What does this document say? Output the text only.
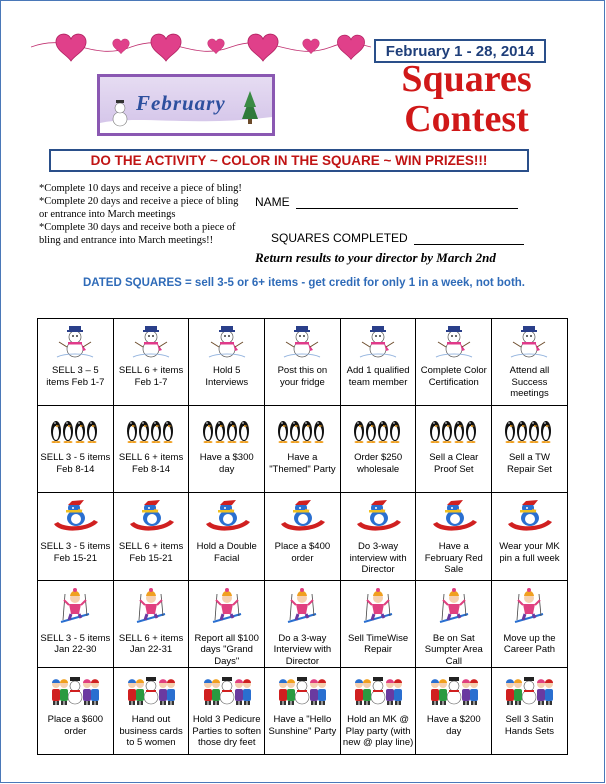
February 1 - 28, 2014
Squares
Contest
February
DO THE ACTIVITY ~ COLOR IN THE SQUARE ~ WIN PRIZES!!!

*Complete 10 days and receive a piece of bling!

*Complete 20 days and receive a piece of bling or entrance into March meetings

*Complete 30 days and receive both a piece of bling and entrance into March meetings!!

NAME
SQUARES COMPLETED
Return results to your director by March 2nd
DATED SQUARES = sell 3-5 or 6+ items - get credit for only 1 in a week, not both.
SELL 3 – 5 items Feb 1-7	SELL 6 + items Feb 1-7	Hold 5 Interviews	Post this on your fridge	Add 1 qualified team member	Complete Color Certification	Attend all Success meetings

SELL 3 - 5 items Feb 8-14	SELL 6 + items Feb 8-14	Have a $300 day	Have a "Themed" Party	Order $250 wholesale	Sell a Clear Proof Set	Sell a TW Repair Set

SELL 3 - 5 items Feb 15-21	SELL 6 + items Feb 15-21	Hold a Double Facial	Place a $400 order	Do 3-way interview with Director	Have a February Red Sale	Wear your MK pin a full week

SELL 3 - 5 items Jan 22-30	SELL 6 + items Jan 22-31	Report all $100 days "Grand Days"	Do a 3-way Interview with Director	Sell TimeWise Repair	Be on Sat Sumpter Area Call	Move up the Career Path

Place a $600 order	Hand out business cards to 5 women	Hold 3 Pedicure Parties to soften those dry feet	Have a "Hello Sunshine" Party	Hold an MK @ Play party (with new @ play line)	Have a $200 day	Sell 3 Satin Hands Sets
